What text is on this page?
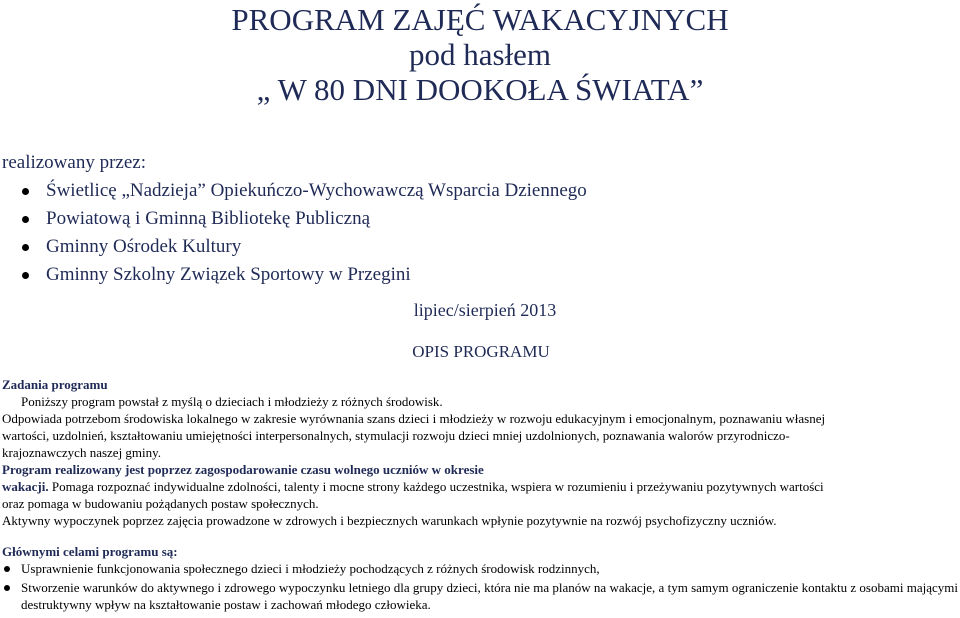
PROGRAM ZAJĘĆ WAKACYJNYCH
pod hasłem
„ W 80 DNI DOOKOŁA ŚWIATA”
realizowany przez:
Świetlicę „Nadzieja” Opiekuńczo-Wychowawczą Wsparcia Dziennego
Powiatową i Gminną Bibliotekę Publiczną
Gminny Ośrodek Kultury
Gminny Szkolny Związek Sportowy w Przegini
lipiec/sierpień 2013
OPIS PROGRAMU
Zadania programu
Poniższy program powstał z myślą o dzieciach i młodzieży z różnych środowisk.
Odpowiada potrzebom środowiska lokalnego w zakresie wyrównania szans dzieci i młodzieży w rozwoju edukacyjnym i emocjonalnym, poznawaniu własnej
wartości, uzdolnień, kształtowaniu umiejętności interpersonalnych, stymulacji rozwoju dzieci mniej uzdolnionych, poznawania walorów przyrodniczo-
krajoznawczych naszej gminy.
Program realizowany jest poprzez zagospodarowanie czasu wolnego uczniów w okresie
wakacji. Pomaga rozpoznać indywidualne zdolności, talenty i mocne strony każdego uczestnika, wspiera w rozumieniu i przeżywaniu pozytywnych wartości
oraz pomaga w budowaniu pożądanych postaw społecznych.
Aktywny wypoczynek poprzez zajęcia prowadzone w zdrowych i bezpiecznych warunkach wpłynie pozytywnie na rozwój psychofizyczny uczniów.
Głównymi celami programu są:
Usprawnienie funkcjonowania społecznego dzieci i młodzieży pochodzących z różnych środowisk rodzinnych,
Stworzenie warunków do aktywnego i zdrowego wypoczynku letniego dla grupy dzieci, która nie ma planów na wakacje, a tym samym ograniczenie kontaktu z osobami mającymi destruktywny wpływ na kształtowanie postaw i zachowań młodego człowieka.
